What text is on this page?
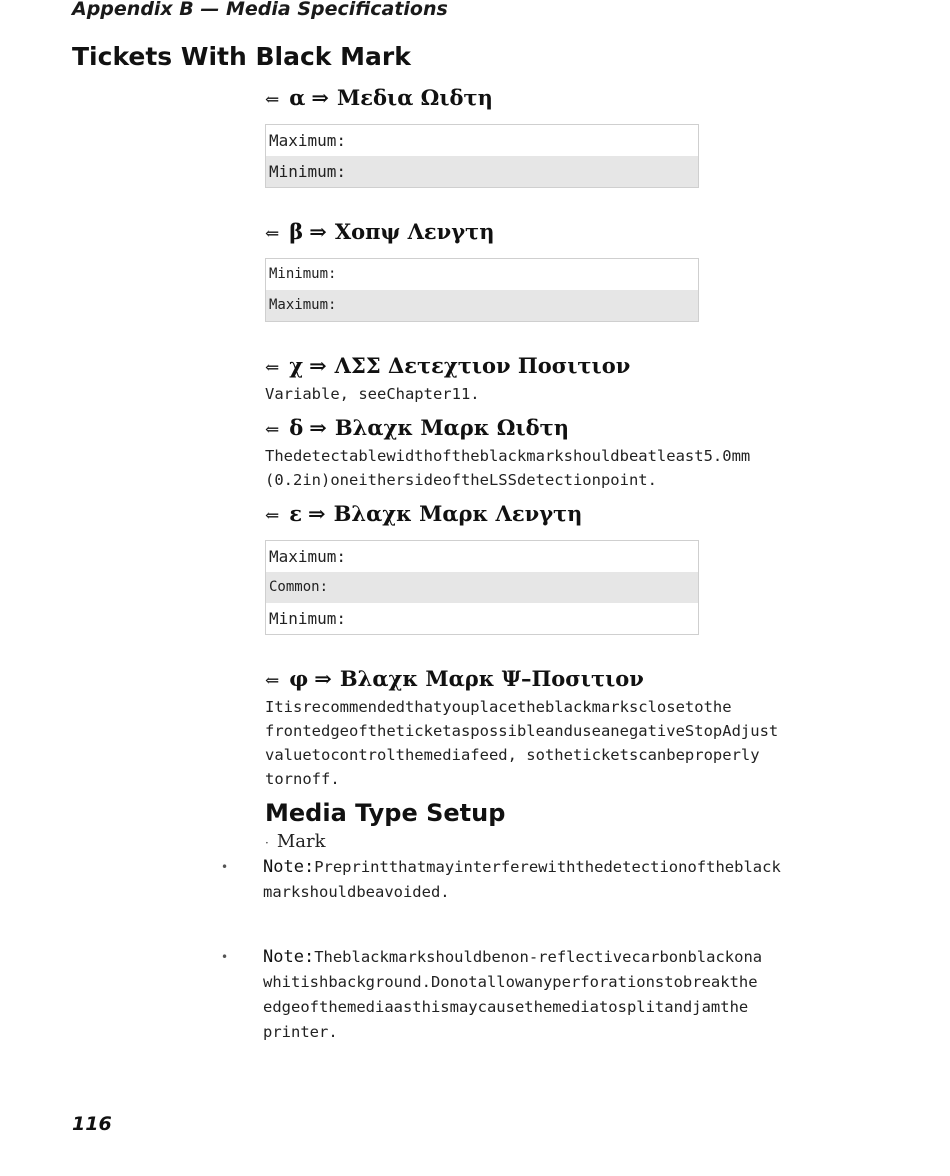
Appendix B — Media Specifications
Tickets With Black Mark
⇐ α ⇒ Μεδια Ωιδτη
Maximum:
Minimum:
⇐ β ⇒ Χοπψ Λενγτη
Minimum:
Maximum:
⇐ χ ⇒ ΛΣΣ Δετεχτιον Ποσιτιον

Variable, seeChapter11.

⇐ δ ⇒ Βλαχκ Μαρκ Ωιδτη

Thedetectablewidthoftheblackmarkshouldbeatleast5.0mm
(0.2in)oneithersideoftheLSSdetectionpoint.

⇐ ε ⇒ Βλαχκ Μαρκ Λενγτη
Maximum:
Common:
Minimum:
⇐ φ ⇒ Βλαχκ Μαρκ Ψ–Ποσιτιον

Itisrecommendedthatyouplacetheblackmarksclosetothe
frontedgeoftheticketaspossibleanduseanegativeStopAdjust
valuetocontrolthemediafeed, sotheticketscanbeproperly
tornoff.

Media Type Setup
· Mark
• Note:Preprintthatmayinterferewiththedetectionoftheblack
markshouldbeavoided.
• Note:Theblackmarkshouldbenon-reflectivecarbonblackona
whitishbackground.Donotallowanyperforationstobreakthe
edgeofthemediaasthismaycausethemediatosplitandjamthe
printer.
116
